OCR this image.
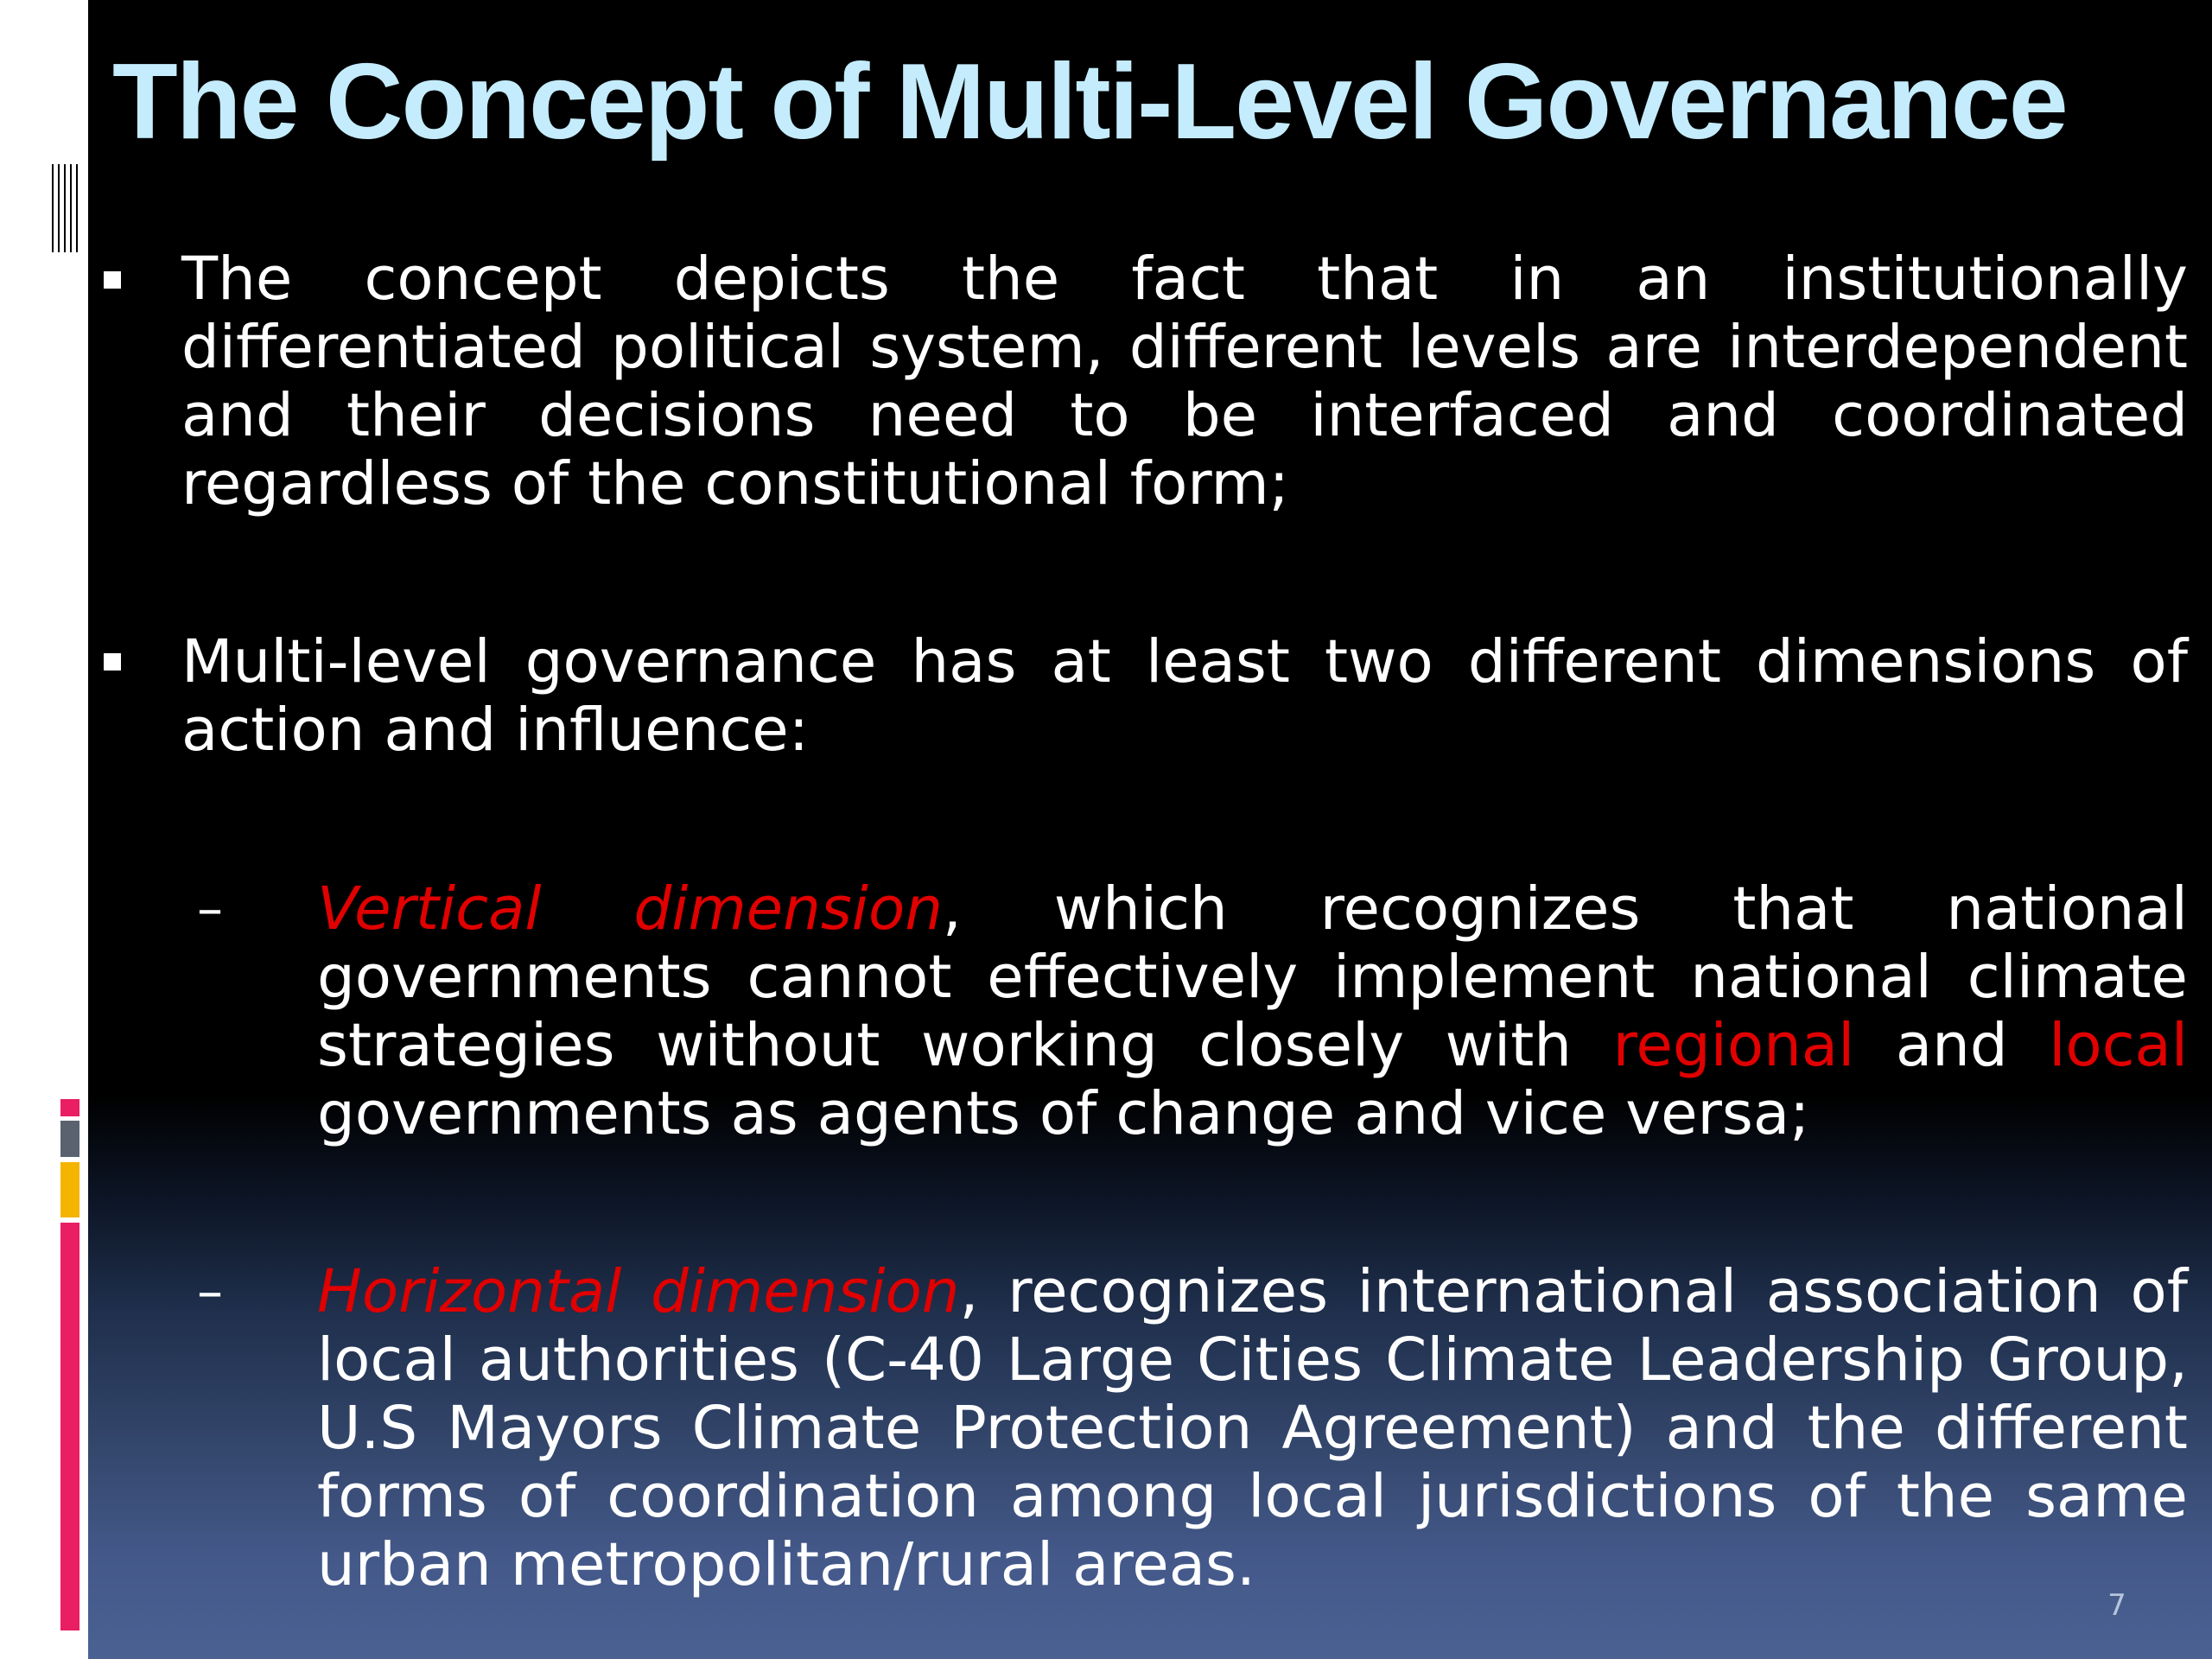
The Concept of Multi-Level Governance
The concept depicts the fact that in an institutionally differentiated political system, different levels are interdependent and their decisions need to be interfaced and coordinated regardless of the constitutional form;
Multi-level governance has at least two different dimensions of action and influence:
– Vertical dimension, which recognizes that national governments cannot effectively implement national climate strategies without working closely with regional and local governments as agents of change and vice versa;
– Horizontal dimension, recognizes international association of local authorities (C-40 Large Cities Climate Leadership Group, U.S Mayors Climate Protection Agreement) and the different forms of coordination among local jurisdictions of the same urban metropolitan/rural areas.
7
